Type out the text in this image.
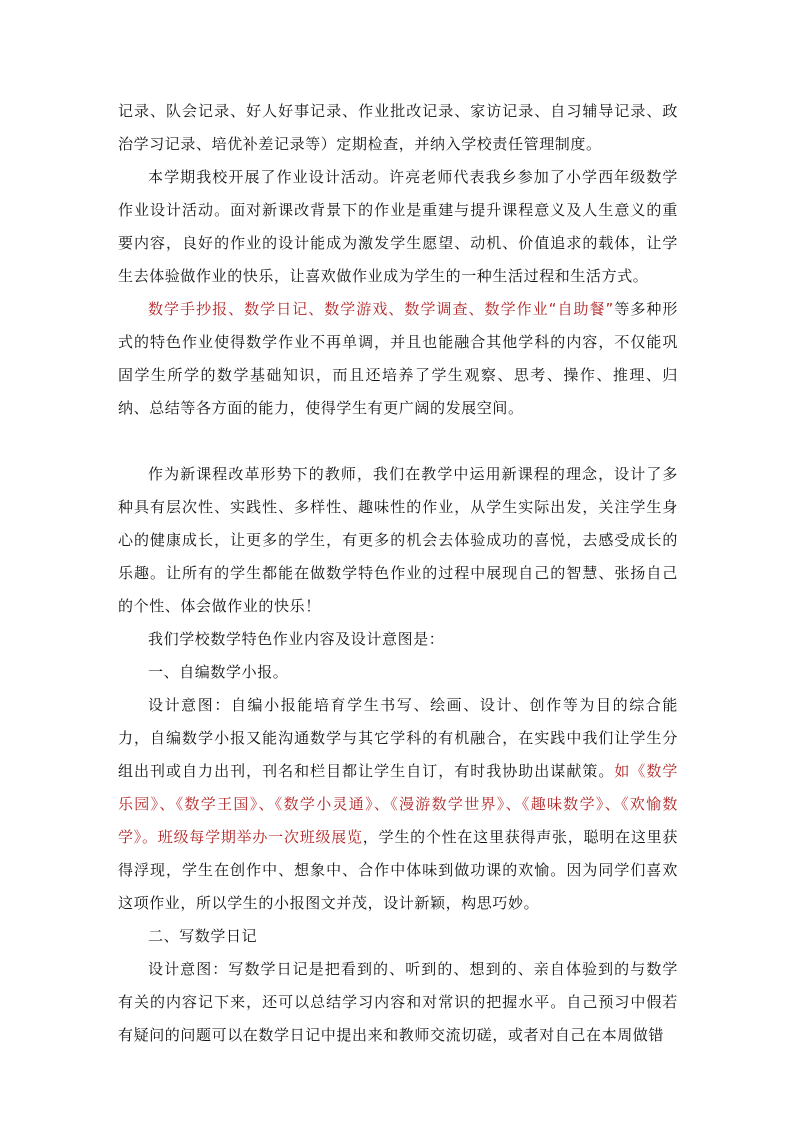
记录、队会记录、好人好事记录、作业批改记录、家访记录、自习辅导记录、政治学习记录、培优补差记录等）定期检查，并纳入学校责任管理制度。

本学期我校开展了作业设计活动。许亮老师代表我乡参加了小学西年级数学作业设计活动。面对新课改背景下的作业是重建与提升课程意义及人生意义的重要内容，良好的作业的设计能成为激发学生愿望、动机、价值追求的载体，让学生去体验做作业的快乐，让喜欢做作业成为学生的一种生活过程和生活方式。

数学手抄报、数学日记、数学游戏、数学调查、数学作业“自助餐”等多种形式的特色作业使得数学作业不再单调，并且也能融合其他学科的内容，不仅能巩固学生所学的数学基础知识，而且还培养了学生观察、思考、操作、推理、归纳、总结等各方面的能力，使得学生有更广阔的发展空间。

作为新课程改革形势下的教师，我们在教学中运用新课程的理念，设计了多种具有层次性、实践性、多样性、趣味性的作业，从学生实际出发，关注学生身心的健康成长，让更多的学生，有更多的机会去体验成功的喜悦，去感受成长的乐趣。让所有的学生都能在做数学特色作业的过程中展现自己的智慧、张扬自己的个性、体会做作业的快乐！

我们学校数学特色作业内容及设计意图是：

一、自编数学小报。

设计意图：自编小报能培育学生书写、绘画、设计、创作等为目的综合能力，自编数学小报又能沟通数学与其它学科的有机融合，在实践中我们让学生分组出刊或自力出刊，刊名和栏目都让学生自订，有时我协助出谋献策。如《数学乐园》、《数学王国》、《数学小灵通》、《漫游数学世界》、《趣味数学》、《欢愉数学》。班级每学期举办一次班级展览，学生的个性在这里获得声张，聪明在这里获得浮现，学生在创作中、想象中、合作中体味到做功课的欢愉。因为同学们喜欢这项作业，所以学生的小报图文并茂，设计新颖，构思巧妙。

二、写数学日记

设计意图：写数学日记是把看到的、听到的、想到的、亲自体验到的与数学有关的内容记下来，还可以总结学习内容和对常识的把握水平。自己预习中假若有疑问的问题可以在数学日记中提出来和教师交流切磋，或者对自己在本周做错
